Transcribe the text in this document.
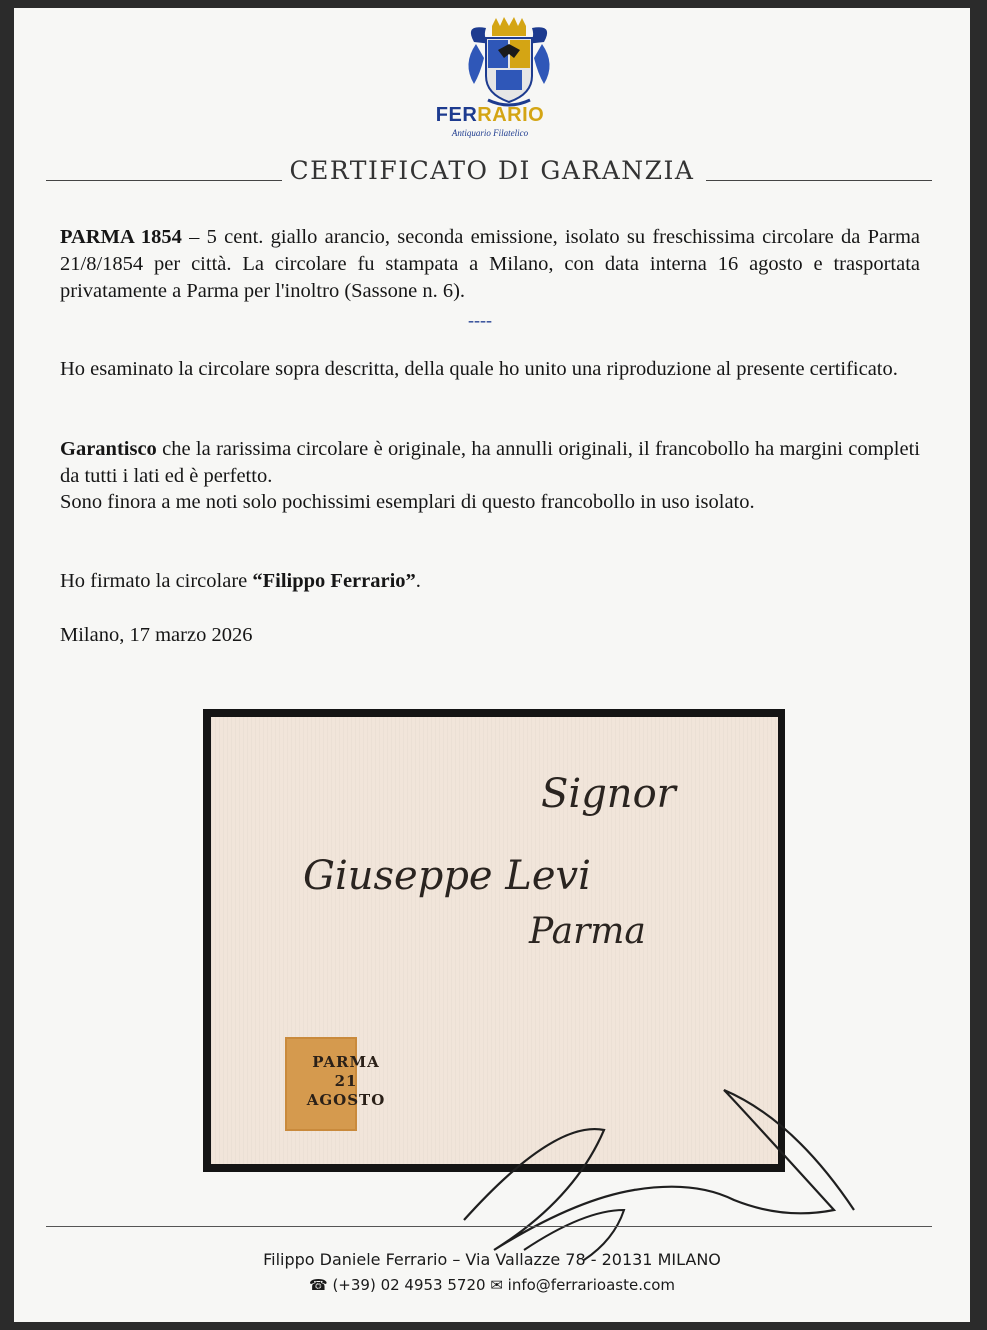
FERRARIO
Antiquario Filatelico
CERTIFICATO DI GARANZIA
PARMA 1854 – 5 cent. giallo arancio, seconda emissione, isolato su freschissima circolare da Parma 21/8/1854 per città. La circolare fu stampata a Milano, con data interna 16 agosto e trasportata privatamente a Parma per l'inoltro (Sassone n. 6).
----
Ho esaminato la circolare sopra descritta, della quale ho unito una riproduzione al presente certificato.
Garantisco che la rarissima circolare è originale, ha annulli originali, il francobollo ha margini completi da tutti i lati ed è perfetto.
Sono finora a me noti solo pochissimi esemplari di questo francobollo in uso isolato.
Ho firmato la circolare “Filippo Ferrario”.
Milano, 17 marzo 2026
Signor
Giuseppe Levi
Parma
PARMA
21
AGOSTO
Filippo Daniele Ferrario – Via Vallazze 78 - 20131 MILANO
☎ (+39) 02 4953 5720 ✉ info@ferrarioaste.com
